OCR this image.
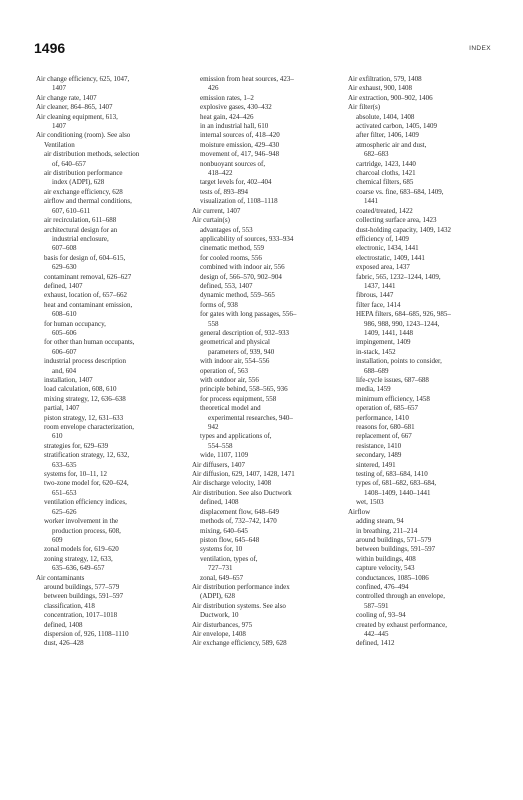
1496	INDEX
Air change efficiency, 625, 1047,
1407
Air change rate, 1407
Air cleaner, 864–865, 1407
Air cleaning equipment, 613,
1407
Air conditioning (room). See also
Ventilation
air distribution methods, selection
of, 640–657
air distribution performance
index (ADPI), 628
air exchange efficiency, 628
airflow and thermal conditions,
607, 610–611
air recirculation, 611–688
architectural design for an
industrial enclosure,
607–608
basis for design of, 604–615,
629–630
contaminant removal, 626–627
defined, 1407
exhaust, location of, 657–662
heat and contaminant emission,
608–610
for human occupancy,
605–606
for other than human occupants,
606–607
industrial process description
and, 604
installation, 1407
load calculation, 608, 610
mixing strategy, 12, 636–638
partial, 1407
piston strategy, 12, 631–633
room envelope characterization,
610
strategies for, 629–639
stratification strategy, 12, 632,
633–635
systems for, 10–11, 12
two-zone model for, 620–624,
651–653
ventilation efficiency indices,
625–626
worker involvement in the
production process, 608,
609
zonal models for, 619–620
zoning strategy, 12, 633,
635–636, 649–657
Air contaminants
around buildings, 577–579
between buildings, 591–597
classification, 418
concentration, 1017–1018
defined, 1408
dispersion of, 926, 1108–1110
dust, 426–428
emission from heat sources, 423–
426
emission rates, 1–2
explosive gases, 430–432
heat gain, 424–426
in an industrial hall, 610
internal sources of, 418–420
moisture emission, 429–430
movement of, 417, 946–948
nonbuoyant sources of,
418–422
target levels for, 402–404
tests of, 893–894
visualization of, 1108–1118
Air current, 1407
Air curtain(s)
advantages of, 553
applicability of sources, 933–934
cinematic method, 559
for cooled rooms, 556
combined with indoor air, 556
design of, 566–570, 902–904
defined, 553, 1407
dynamic method, 559–565
forms of, 938
for gates with long passages, 556–
558
general description of, 932–933
geometrical and physical
parameters of, 939, 940
with indoor air, 554–556
operation of, 563
with outdoor air, 556
principle behind, 558–565, 936
for process equipment, 558
theoretical model and
experimental researches, 940–
942
types and applications of,
554–558
wide, 1107, 1109
Air diffusers, 1407
Air diffusion, 629, 1407, 1428, 1471
Air discharge velocity, 1408
Air distribution. See also Ductwork
defined, 1408
displacement flow, 648–649
methods of, 732–742, 1470
mixing, 640–645
piston flow, 645–648
systems for, 10
ventilation, types of,
727–731
zonal, 649–657
Air distribution performance index
(ADPI), 628
Air distribution systems. See also
Ductwork, 10
Air disturbances, 975
Air envelope, 1408
Air exchange efficiency, 589, 628
Air exfiltration, 579, 1408
Air exhaust, 900, 1408
Air extraction, 900–902, 1406
Air filter(s)
absolute, 1404, 1408
activated carbon, 1405, 1409
after filter, 1406, 1409
atmospheric air and dust,
682–683
cartridge, 1423, 1440
charcoal cloths, 1421
chemical filters, 685
coarse vs. fine, 683–684, 1409,
1441
coated/treated, 1422
collecting surface area, 1423
dust-holding capacity, 1409, 1432
efficiency of, 1409
electronic, 1434, 1441
electrostatic, 1409, 1441
exposed area, 1437
fabric, 565, 1232–1244, 1409,
1437, 1441
fibrous, 1447
filter face, 1414
HEPA filters, 684–685, 926, 985–
986, 988, 990, 1243–1244,
1409, 1441, 1448
impingement, 1409
in-stack, 1452
installation, points to consider,
688–689
life-cycle issues, 687–688
media, 1459
minimum efficiency, 1458
operation of, 685–657
performance, 1410
reasons for, 680–681
replacement of, 667
resistance, 1410
secondary, 1489
sintered, 1491
testing of, 683–684, 1410
types of, 681–682, 683–684,
1408–1409, 1440–1441
wet, 1503
Airflow
adding steam, 94
in breathing, 211–214
around buildings, 571–579
between buildings, 591–597
within buildings, 408
capture velocity, 543
conductances, 1085–1086
confined, 476–494
controlled through an envelope,
587–591
cooling of, 93–94
created by exhaust performance,
442–445
defined, 1412
